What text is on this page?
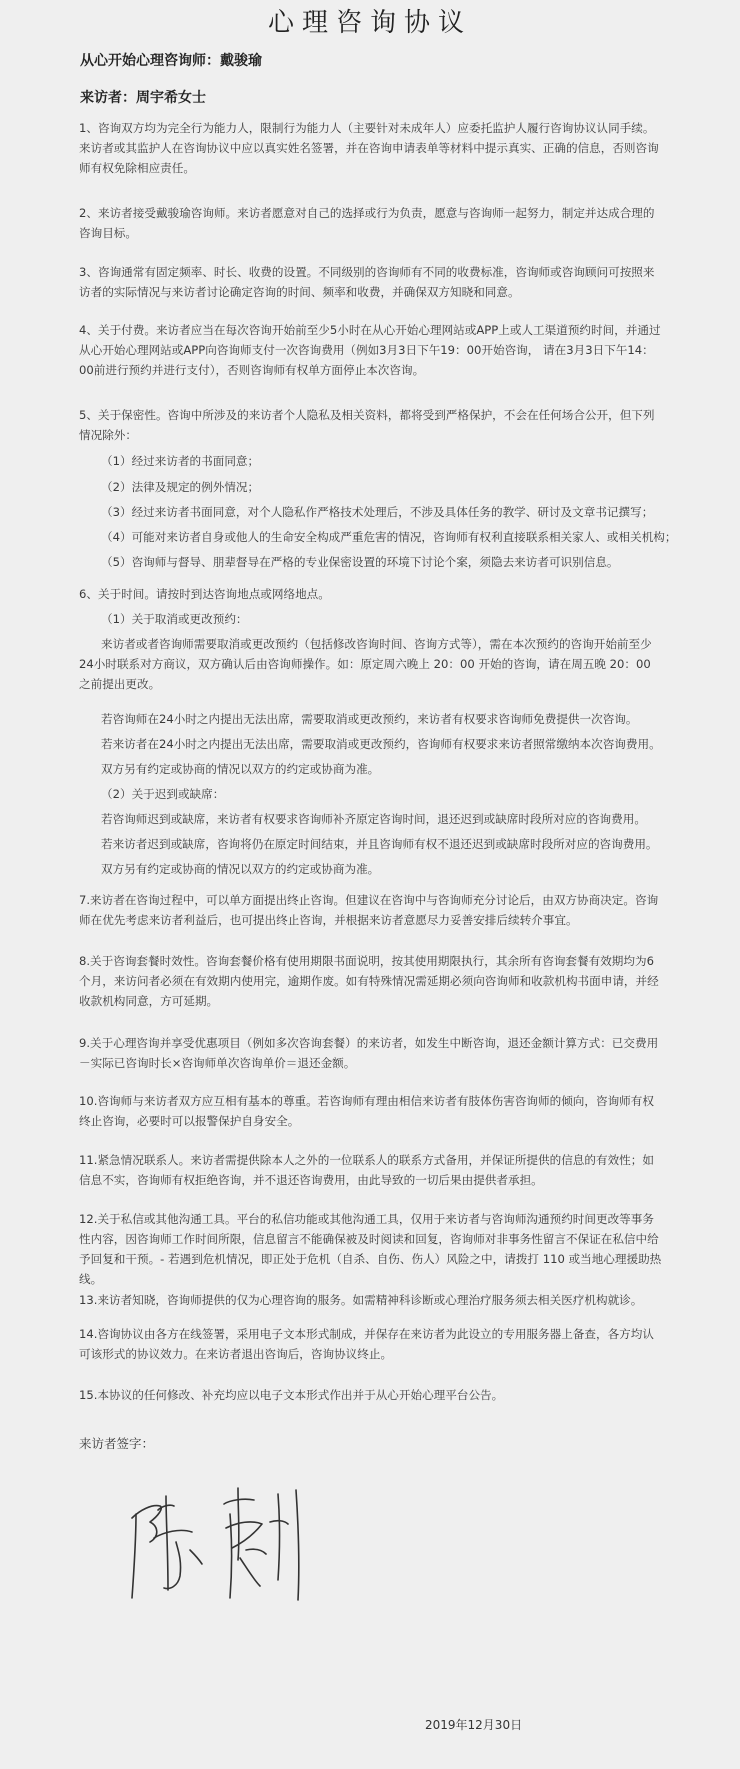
心理咨询协议
从心开始心理咨询师：戴骏瑜
来访者：周宇希女士
1、咨询双方均为完全行为能力人，限制行为能力人（主要针对未成年人）应委托监护人履行咨询协议认同手续。来访者或其监护人在咨询协议中应以真实姓名签署，并在咨询申请表单等材料中提示真实、正确的信息，否则咨询师有权免除相应责任。
2、来访者接受戴骏瑜咨询师。来访者愿意对自己的选择或行为负责，愿意与咨询师一起努力，制定并达成合理的咨询目标。
3、咨询通常有固定频率、时长、收费的设置。不同级别的咨询师有不同的收费标准，咨询师或咨询顾问可按照来访者的实际情况与来访者讨论确定咨询的时间、频率和收费，并确保双方知晓和同意。
4、关于付费。来访者应当在每次咨询开始前至少5小时在从心开始心理网站或APP上或人工渠道预约时间，并通过从心开始心理网站或APP向咨询师支付一次咨询费用（例如3月3日下午19：00开始咨询， 请在3月3日下午14：00前进行预约并进行支付），否则咨询师有权单方面停止本次咨询。
5、关于保密性。咨询中所涉及的来访者个人隐私及相关资料，都将受到严格保护，不会在任何场合公开，但下列情况除外：
（1）经过来访者的书面同意；
（2）法律及规定的例外情况；
（3）经过来访者书面同意，对个人隐私作严格技术处理后，不涉及具体任务的教学、研讨及文章书记撰写；
（4）可能对来访者自身或他人的生命安全构成严重危害的情况，咨询师有权利直接联系相关家人、或相关机构；
（5）咨询师与督导、朋辈督导在严格的专业保密设置的环境下讨论个案，须隐去来访者可识别信息。
6、关于时间。请按时到达咨询地点或网络地点。
（1）关于取消或更改预约：
来访者或者咨询师需要取消或更改预约（包括修改咨询时间、咨询方式等），需在本次预约的咨询开始前至少24小时联系对方商议，双方确认后由咨询师操作。如：原定周六晚上 20：00 开始的咨询，请在周五晚 20：00 之前提出更改。
若咨询师在24小时之内提出无法出席，需要取消或更改预约，来访者有权要求咨询师免费提供一次咨询。
若来访者在24小时之内提出无法出席，需要取消或更改预约，咨询师有权要求来访者照常缴纳本次咨询费用。
双方另有约定或协商的情况以双方的约定或协商为准。
（2）关于迟到或缺席：
若咨询师迟到或缺席，来访者有权要求咨询师补齐原定咨询时间，退还迟到或缺席时段所对应的咨询费用。
若来访者迟到或缺席，咨询将仍在原定时间结束，并且咨询师有权不退还迟到或缺席时段所对应的咨询费用。
双方另有约定或协商的情况以双方的约定或协商为准。
7.来访者在咨询过程中，可以单方面提出终止咨询。但建议在咨询中与咨询师充分讨论后，由双方协商决定。咨询师在优先考虑来访者利益后，也可提出终止咨询，并根据来访者意愿尽力妥善安排后续转介事宜。
8.关于咨询套餐时效性。咨询套餐价格有使用期限书面说明，按其使用期限执行，其余所有咨询套餐有效期均为6个月，来访问者必须在有效期内使用完，逾期作废。如有特殊情况需延期必须向咨询师和收款机构书面申请，并经收款机构同意，方可延期。
9.关于心理咨询并享受优惠项目（例如多次咨询套餐）的来访者，如发生中断咨询，退还金额计算方式：已交费用－实际已咨询时长×咨询师单次咨询单价＝退还金额。
10.咨询师与来访者双方应互相有基本的尊重。若咨询师有理由相信来访者有肢体伤害咨询师的倾向，咨询师有权终止咨询，必要时可以报警保护自身安全。
11.紧急情况联系人。来访者需提供除本人之外的一位联系人的联系方式备用，并保证所提供的信息的有效性；如信息不实，咨询师有权拒绝咨询，并不退还咨询费用，由此导致的一切后果由提供者承担。
12.关于私信或其他沟通工具。平台的私信功能或其他沟通工具，仅用于来访者与咨询师沟通预约时间更改等事务性内容，因咨询师工作时间所限，信息留言不能确保被及时阅读和回复，咨询师对非事务性留言不保证在私信中给予回复和干预。- 若遇到危机情况，即正处于危机（自杀、自伤、伤人）风险之中，请拨打 110 或当地心理援助热线。
13.来访者知晓，咨询师提供的仅为心理咨询的服务。如需精神科诊断或心理治疗服务须去相关医疗机构就诊。
14.咨询协议由各方在线签署，采用电子文本形式制成，并保存在来访者为此设立的专用服务器上备查，各方均认可该形式的协议效力。在来访者退出咨询后，咨询协议终止。
15.本协议的任何修改、补充均应以电子文本形式作出并于从心开始心理平台公告。
来访者签字：
2019年12月30日
